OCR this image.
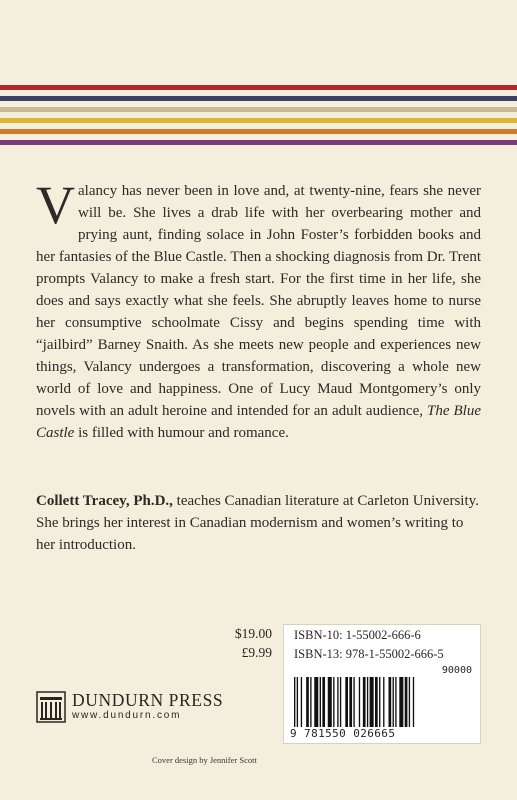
Valancy has never been in love and, at twenty-nine, fears she never will be. She lives a drab life with her overbearing mother and prying aunt, finding solace in John Foster’s forbidden books and her fantasies of the Blue Castle. Then a shocking diagnosis from Dr. Trent prompts Valancy to make a fresh start. For the first time in her life, she does and says exactly what she feels. She abruptly leaves home to nurse her consumptive schoolmate Cissy and begins spending time with “jailbird” Barney Snaith. As she meets new people and experiences new things, Valancy undergoes a transformation, discovering a whole new world of love and happiness. One of Lucy Maud Montgomery’s only novels with an adult heroine and intended for an adult audience, The Blue Castle is filled with humour and romance.
Collett Tracey, Ph.D., teaches Canadian literature at Carleton University. She brings her interest in Canadian modernism and women’s writing to her introduction.
$19.00
£9.99
ISBN-10: 1-55002-666-6
ISBN-13: 978-1-55002-666-5
90000
9 781550 026665
DUNDURN PRESS
www.dundurn.com
Cover design by Jennifer Scott
